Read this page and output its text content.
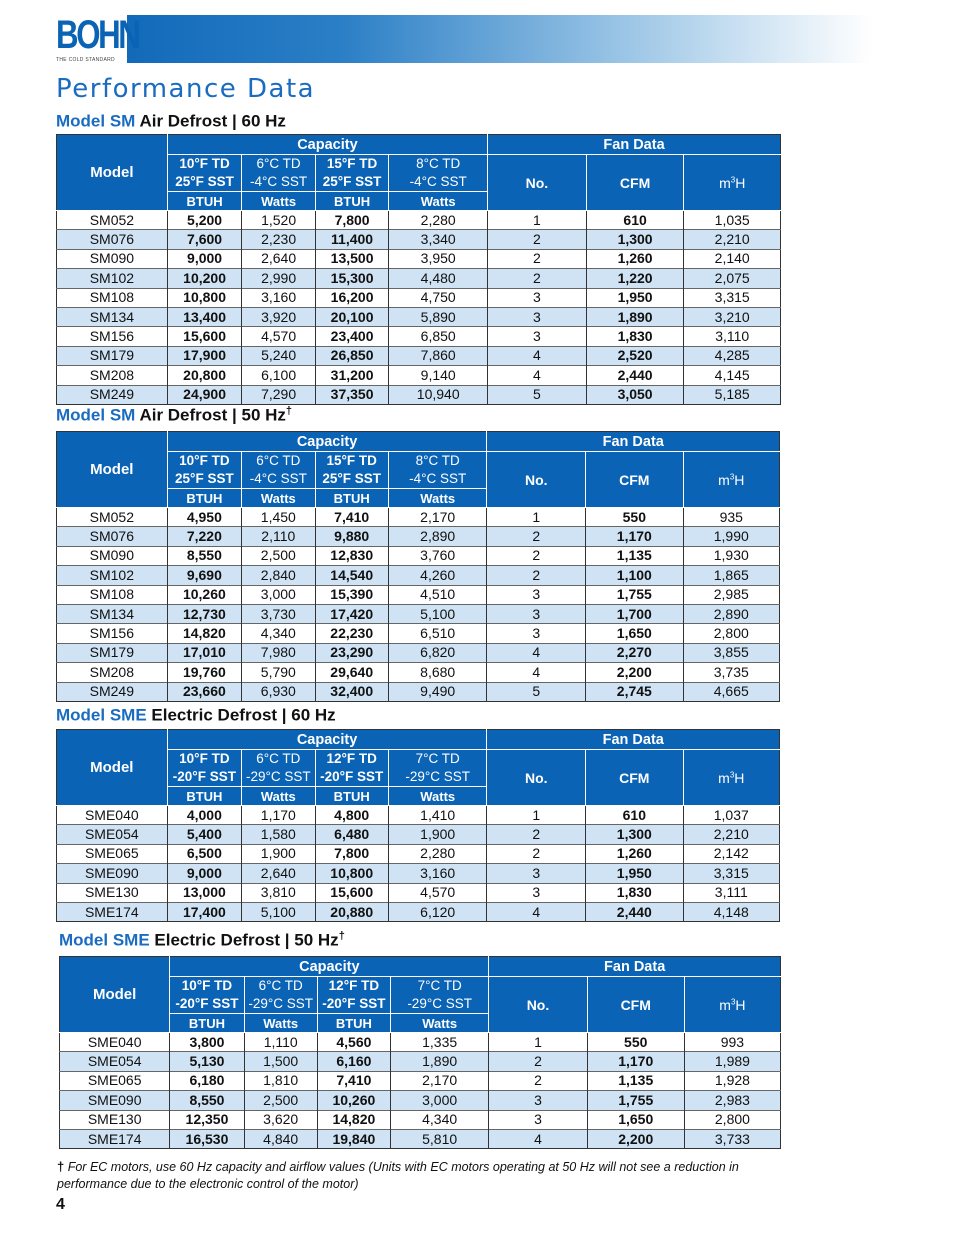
BOHN
THE COLD STANDARD
Performance Data
Model SM Air Defrost | 60 Hz
Model	Capacity				Fan Data		
	10°F TD	6°C TD	15°F TD	8°C TD	No.	CFM	$m^3H$
	25°F SST	-4°C SST	25°F SST	-4°C SST			
	BTUH	Watts	BTUH	Watts			
SM052	5,200	1,520	7,800	2,280	1	610	1,035
SM076	7,600	2,230	11,400	3,340	2	1,300	2,210
SM090	9,000	2,640	13,500	3,950	2	1,260	2,140
SM102	10,200	2,990	15,300	4,480	2	1,220	2,075
SM108	10,800	3,160	16,200	4,750	3	1,950	3,315
SM134	13,400	3,920	20,100	5,890	3	1,890	3,210
SM156	15,600	4,570	23,400	6,850	3	1,830	3,110
SM179	17,900	5,240	26,850	7,860	4	2,520	4,285
SM208	20,800	6,100	31,200	9,140	4	2,440	4,145
SM249	24,900	7,290	37,350	10,940	5	3,050	5,185
Model SM Air Defrost | 50 Hz†
Model	Capacity				Fan Data		
	10°F TD	6°C TD	15°F TD	8°C TD	No.	CFM	$m^3H$
	25°F SST	-4°C SST	25°F SST	-4°C SST			
	BTUH	Watts	BTUH	Watts			
SM052	4,950	1,450	7,410	2,170	1	550	935
SM076	7,220	2,110	9,880	2,890	2	1,170	1,990
SM090	8,550	2,500	12,830	3,760	2	1,135	1,930
SM102	9,690	2,840	14,540	4,260	2	1,100	1,865
SM108	10,260	3,000	15,390	4,510	3	1,755	2,985
SM134	12,730	3,730	17,420	5,100	3	1,700	2,890
SM156	14,820	4,340	22,230	6,510	3	1,650	2,800
SM179	17,010	7,980	23,290	6,820	4	2,270	3,855
SM208	19,760	5,790	29,640	8,680	4	2,200	3,735
SM249	23,660	6,930	32,400	9,490	5	2,745	4,665
Model SME Electric Defrost | 60 Hz
Model	Capacity				Fan Data		
	10°F TD	6°C TD	12°F TD	7°C TD	No.	CFM	$m^3H$
	-20°F SST	-29°C SST	-20°F SST	-29°C SST			
	BTUH	Watts	BTUH	Watts			
SME040	4,000	1,170	4,800	1,410	1	610	1,037
SME054	5,400	1,580	6,480	1,900	2	1,300	2,210
SME065	6,500	1,900	7,800	2,280	2	1,260	2,142
SME090	9,000	2,640	10,800	3,160	3	1,950	3,315
SME130	13,000	3,810	15,600	4,570	3	1,830	3,111
SME174	17,400	5,100	20,880	6,120	4	2,440	4,148
Model SME Electric Defrost | 50 Hz†
Model	Capacity				Fan Data		
	10°F TD	6°C TD	12°F TD	7°C TD	No.	CFM	$m^3H$
	-20°F SST	-29°C SST	-20°F SST	-29°C SST			
	BTUH	Watts	BTUH	Watts			
SME040	3,800	1,110	4,560	1,335	1	550	993
SME054	5,130	1,500	6,160	1,890	2	1,170	1,989
SME065	6,180	1,810	7,410	2,170	2	1,135	1,928
SME090	8,550	2,500	10,260	3,000	3	1,755	2,983
SME130	12,350	3,620	14,820	4,340	3	1,650	2,800
SME174	16,530	4,840	19,840	5,810	4	2,200	3,733
† For EC motors, use 60 Hz capacity and airflow values (Units with EC motors operating at 50 Hz will not see a reduction in performance due to the electronic control of the motor)
4
